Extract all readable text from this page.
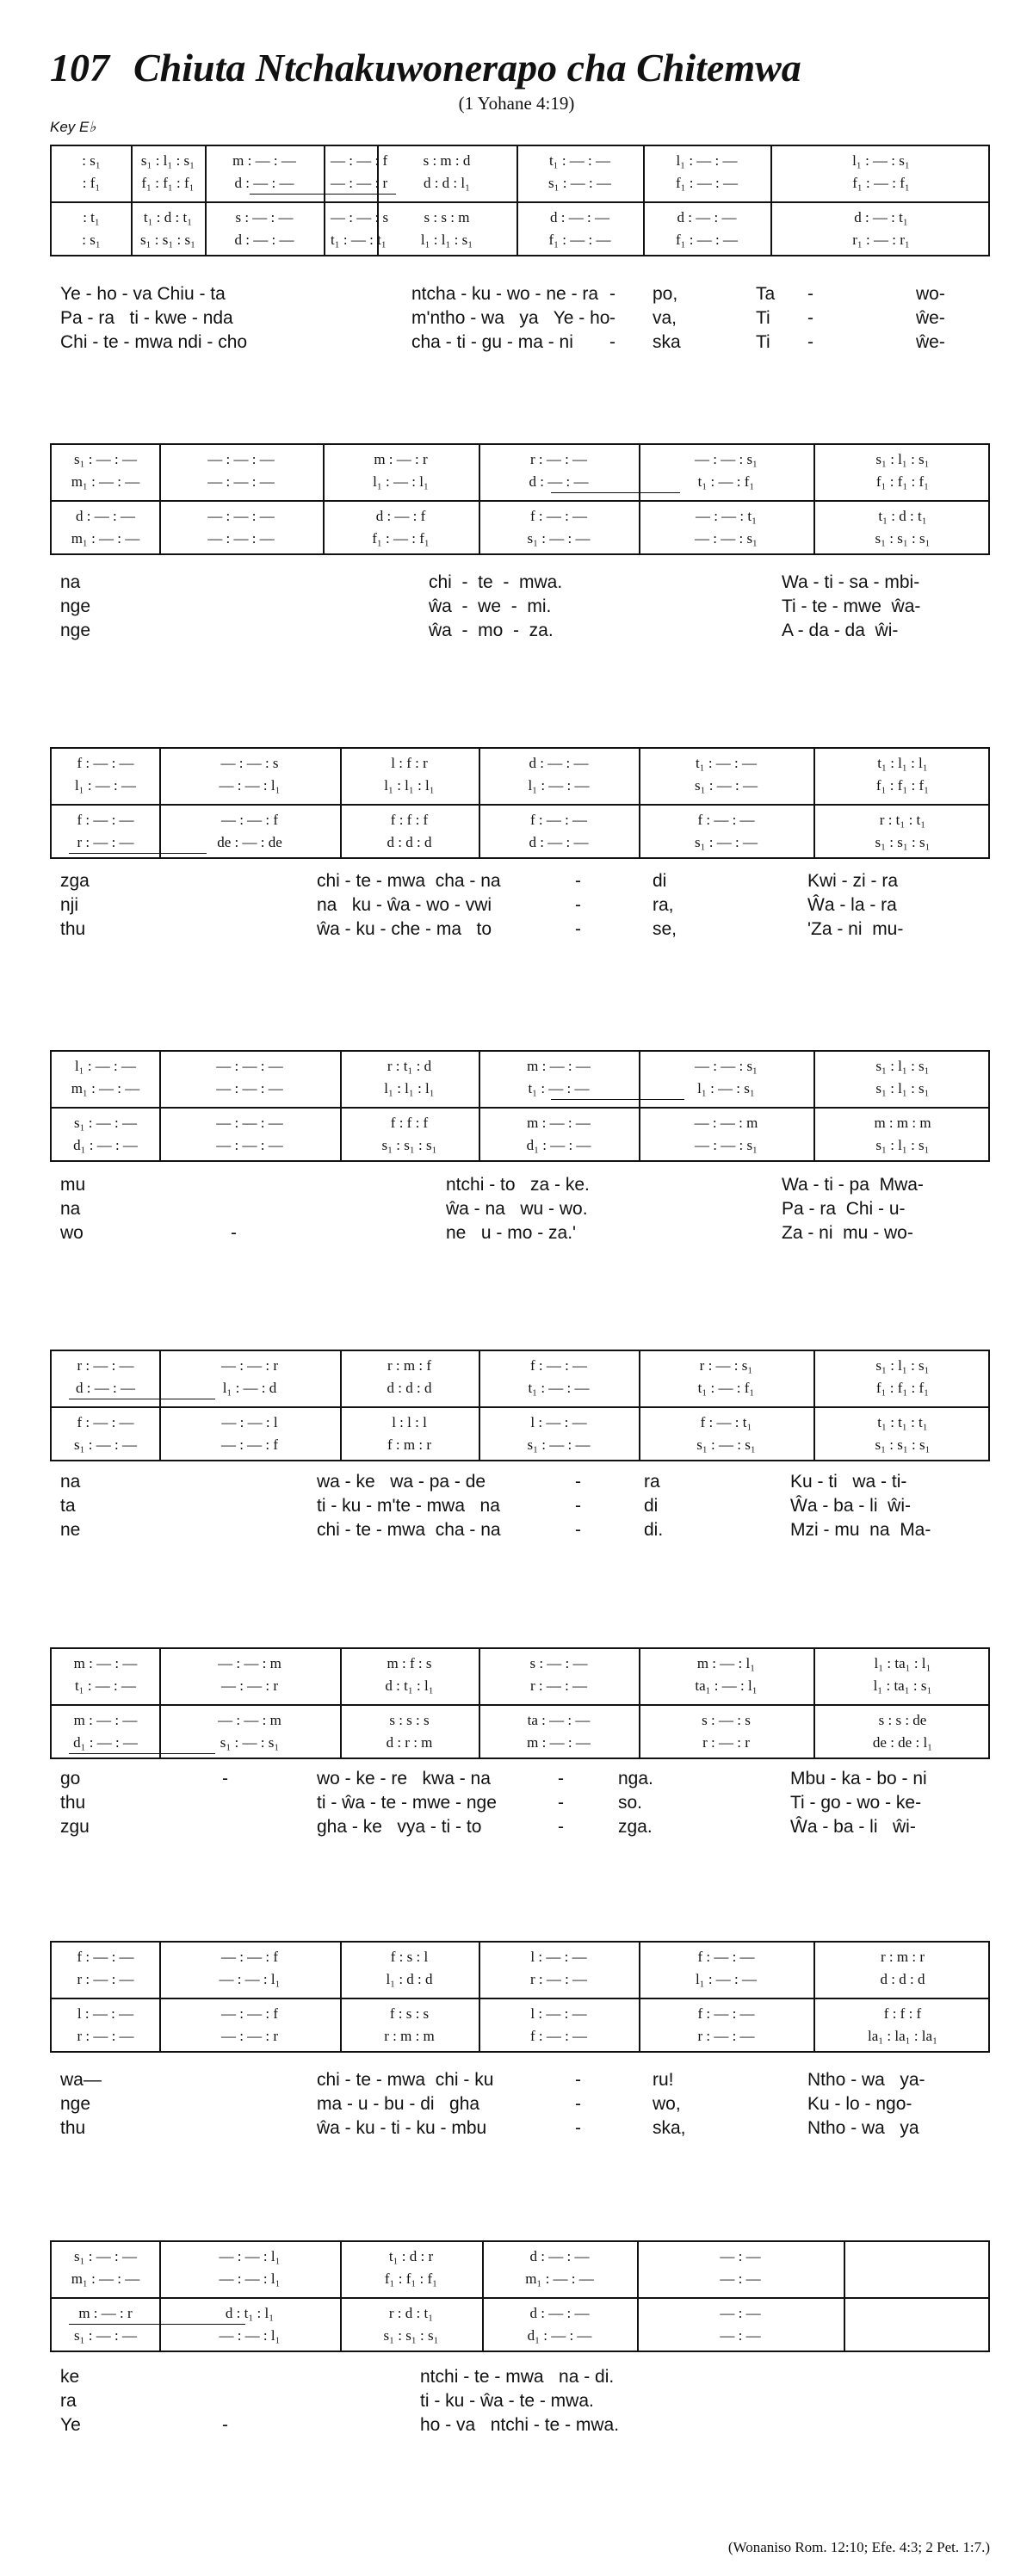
107 Chiuta Ntchakuwonerapo cha Chitemwa
(1 Yohane 4:19)
Key E♭
: s₁	s₁ : l₁ : s₁	m : — : —	— : — : f	s : m : d	t₁ : — : —	l₁ : — : —	l₁ : — : s₁
: f₁	f₁ : f₁ : f₁	d : — : —	— : — : r	d : d : l₁	s₁ : — : —	f₁ : — : —	f₁ : — : f₁
: t₁	t₁ : d : t₁	s : — : —	— : — : s	s : s : m	d : — : —	d : — : —	d : — : t₁
: s₁	s₁ : s₁ : s₁	d : — : —	t₁ : — : t₁	l₁ : l₁ : s₁	f₁ : — : —	f₁ : — : —	r₁ : — : r₁
Ye - ho - va Chiu - ta	ntcha - ku - wo - ne - ra - po,	Ta -	wo-
Pa - ra   ti - kwe - nda	m'ntho - wa   ya   Ye - ho - va,	Ti -	ŵe-
Chi - te - mwa ndi - cho	cha - ti - gu - ma - ni - ska	Ti -	ŵe-
s₁ : — : —	— : — : —	m : — : r	r : — : —	— : — : s₁	s₁ : l₁ : s₁
m₁ : — : —	— : — : —	l₁ : — : l₁	d : — : —	t₁ : — : f₁	f₁ : f₁ : f₁
d : — : —	— : — : —	d : — : f	f : — : —	— : — : t₁	t₁ : d : t₁
m₁ : — : —	— : — : —	f₁ : — : f₁	s₁ : — : —	— : — : s₁	s₁ : s₁ : s₁
na	chi  -  te  -  mwa.	Wa - ti - sa - mbi-
nge	ŵa  -  we  -  mi.	Ti - te - mwe  ŵa-
nge	ŵa  -  mo  -  za.	A - da - da  ŵi-
f : — : —	— : — : s	l : f : r	d : — : —	t₁ : — : —	t₁ : l₁ : l₁
l₁ : — : —	— : — : l₁	l₁ : l₁ : l₁	l₁ : — : —	s₁ : — : —	f₁ : f₁ : f₁
f : — : —	— : — : f	f : f : f	f : — : —	f : — : —	r : t₁ : t₁
r : — : —	de : — : de	d : d : d	d : — : —	s₁ : — : —	s₁ : s₁ : s₁
zga	chi - te - mwa  cha - na	-	di	Kwi - zi - ra
nji	na   ku - ŵa - wo - vwi	-	ra,	Ŵa - la - ra
thu	ŵa - ku - che - ma   to	-	se,	'Za - ni  mu-
l₁ : — : —	— : — : —	r : t₁ : d	m : — : —	— : — : s₁	s₁ : l₁ : s₁
m₁ : — : —	— : — : —	l₁ : l₁ : l₁	t₁ : — : —	l₁ : — : s₁	s₁ : l₁ : s₁
s₁ : — : —	— : — : —	f : f : f	m : — : —	— : — : m	m : m : m
d₁ : — : —	— : — : —	s₁ : s₁ : s₁	d₁ : — : —	— : — : s₁	s₁ : l₁ : s₁
mu	ntchi - to   za - ke.	Wa - ti - pa  Mwa-
na	ŵa - na   wu - wo.	Pa - ra  Chi - u-
wo	-	ne   u - mo - za.'	Za - ni  mu - wo-
r : — : —	— : — : r	r : m : f	f : — : —	r : — : s₁	s₁ : l₁ : s₁
d : — : —	l₁ : — : d	d : d : d	t₁ : — : —	t₁ : — : f₁	f₁ : f₁ : f₁
f : — : —	— : — : l	l : l : l	l : — : —	f : — : t₁	t₁ : t₁ : t₁
s₁ : — : —	— : — : f	f : m : r	s₁ : — : —	s₁ : — : s₁	s₁ : s₁ : s₁
na	wa - ke   wa - pa - de	-	ra	Ku - ti   wa - ti-
ta	ti - ku - m'te - mwa   na	-	di	Ŵa - ba - li  ŵi-
ne	chi - te - mwa  cha - na	-	di.	Mzi - mu  na  Ma-
m : — : —	— : — : m	m : f : s	s : — : —	m : — : l₁	l₁ : ta₁ : l₁
t₁ : — : —	— : — : r	d : t₁ : l₁	r : — : —	ta₁ : — : l₁	l₁ : ta₁ : s₁
m : — : —	— : — : m	s : s : s	ta : — : —	s : — : s	s : s : de
d₁ : — : —	s₁ : — : s₁	d : r : m	m : — : —	r : — : r	de : de : l₁
go	-	wo - ke - re   kwa - na	-	nga.	Mbu - ka - bo - ni
thu	ti - ŵa - te - mwe - nge	-	so.	Ti - go - wo - ke-
zgu	gha - ke   vya - ti - to	-	zga.	Ŵa - ba - li   ŵi-
f : — : —	— : — : f	f : s : l	l : — : —	f : — : —	r : m : r
r : — : —	— : — : l₁	l₁ : d : d	r : — : —	l₁ : — : —	d : d : d
l : — : —	— : — : f	f : s : s	l : — : —	f : — : —	f : f : f
r : — : —	— : — : r	r : m : m	f : — : —	r : — : —	la₁ : la₁ : la₁
wa—	chi - te - mwa  chi - ku	-	ru!	Ntho - wa   ya-
nge	ma - u - bu - di   gha	-	wo,	Ku - lo - ngo-
thu	ŵa - ku - ti - ku - mbu	-	ska,	Ntho - wa   ya
s₁ : — : —	— : — : l₁	t₁ : d : r	d : — : —	— : —
m₁ : — : —	— : — : l₁	f₁ : f₁ : f₁	m₁ : — : —	— : —
m : — : r	d : t₁ : l₁	r : d : t₁	d : — : —	— : —
s₁ : — : —	— : — : l₁	s₁ : s₁ : s₁	d₁ : — : —	— : —
ke	ntchi - te - mwa   na - di.
ra	ti - ku - ŵa - te - mwa.
Ye	-	ho - va   ntchi - te - mwa.
(Wonaniso Rom. 12:10; Efe. 4:3; 2 Pet. 1:7.)
